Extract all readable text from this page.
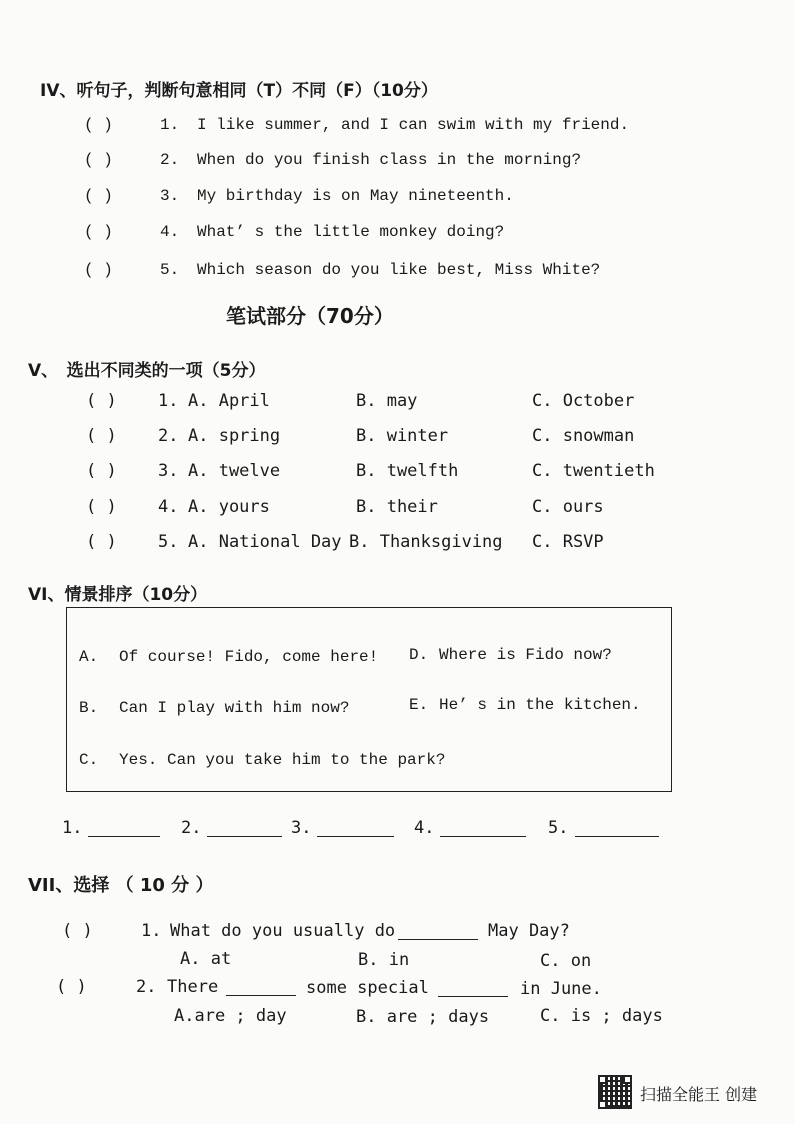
IV、听句子，判断句意相同（T）不同（F）（10分）
( )	1. I like summer, and I can swim with my friend.
( )	2. When do you finish class in the morning?
( )	3. My birthday is on May nineteenth.
( )	4. What’ s the little monkey doing?
( )	5. Which season do you like best, Miss White?
笔试部分（70分）
V、　选出不同类的一项（5分）
( ) 1. A. April	B. may	C. October
( ) 2. A. spring	B. winter	C. snowman
( ) 3. A. twelve	B. twelfth	C. twentieth
( ) 4. A. yours	B. their	C. ours
( ) 5. A. National Day B. Thanksgiving C. RSVP
VI、情景排序（10分）
A. Of course! Fido, come here! D. Where is Fido now?
B. Can I play with him now?	E. He’ s in the kitchen.
C. Yes. Can you take him to the park?
1.	2.	3.	4.	5.
VII、选择 （ 10 分 ）
( )	1. What do you usually do	May Day?
A. at	B. in	C. on
( )	2. There	some special	in June.
A.are ; day	B. are ; days	C. is ; days
扫描全能王 创建
